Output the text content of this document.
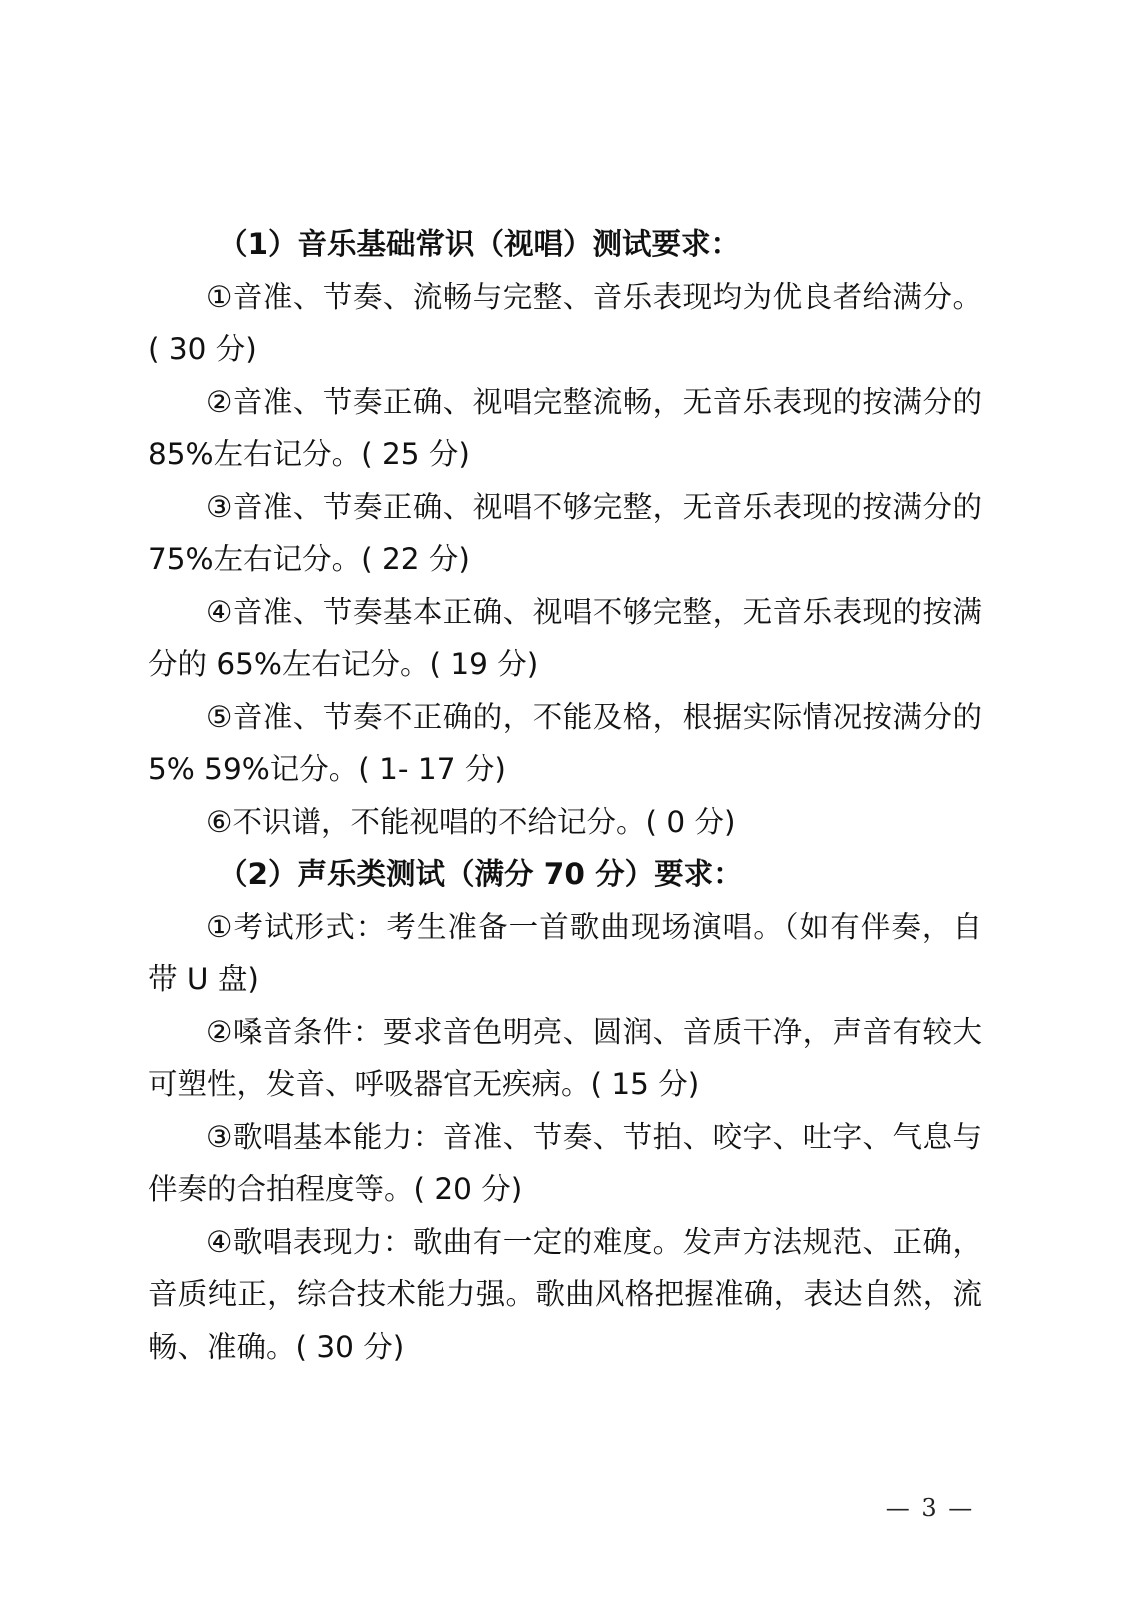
（1）音乐基础常识（视唱）测试要求：
①音准、节奏、流畅与完整、音乐表现均为优良者给满分。
( 30 分)
②音准、节奏正确、视唱完整流畅，无音乐表现的按满分的
85%左右记分。( 25 分)
③音准、节奏正确、视唱不够完整，无音乐表现的按满分的
75%左右记分。( 22 分)
④音准、节奏基本正确、视唱不够完整，无音乐表现的按满
分的 65%左右记分。( 19 分)
⑤音准、节奏不正确的，不能及格，根据实际情况按满分的
5% 59%记分。( 1- 17 分)
⑥不识谱，不能视唱的不给记分。( 0 分)
（2）声乐类测试（满分 70 分）要求：
①考试形式：考生准备一首歌曲现场演唱。（如有伴奏，自
带 U 盘)
②嗓音条件：要求音色明亮、圆润、音质干净，声音有较大
可塑性，发音、呼吸器官无疾病。( 15 分)
③歌唱基本能力：音准、节奏、节拍、咬字、吐字、气息与
伴奏的合拍程度等。( 20 分)
④歌唱表现力：歌曲有一定的难度。发声方法规范、正确，
音质纯正，综合技术能力强。歌曲风格把握准确，表达自然，流
畅、准确。( 30 分)
— 3 —
